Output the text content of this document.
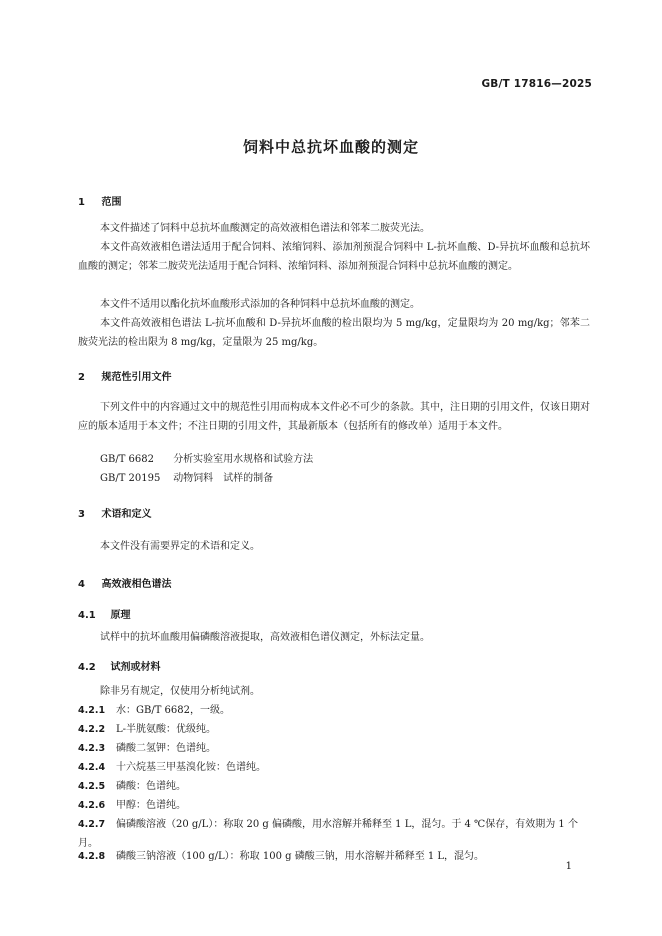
GB/T 17816—2025
饲料中总抗坏血酸的测定
1 范围
本文件描述了饲料中总抗坏血酸测定的高效液相色谱法和邻苯二胺荧光法。
本文件高效液相色谱法适用于配合饲料、浓缩饲料、添加剂预混合饲料中 L-抗坏血酸、D-异抗坏血酸和总抗坏血酸的测定；邻苯二胺荧光法适用于配合饲料、浓缩饲料、添加剂预混合饲料中总抗坏血酸的测定。
本文件不适用以酯化抗坏血酸形式添加的各种饲料中总抗坏血酸的测定。
本文件高效液相色谱法 L-抗坏血酸和 D-异抗坏血酸的检出限均为 5 mg/kg，定量限均为 20 mg/kg；邻苯二胺荧光法的检出限为 8 mg/kg，定量限为 25 mg/kg。
2 规范性引用文件
下列文件中的内容通过文中的规范性引用而构成本文件必不可少的条款。其中，注日期的引用文件，仅该日期对应的版本适用于本文件；不注日期的引用文件，其最新版本（包括所有的修改单）适用于本文件。
GB/T 6682 分析实验室用水规格和试验方法
GB/T 20195 动物饲料　试样的制备
3 术语和定义
本文件没有需要界定的术语和定义。
4 高效液相色谱法
4.1 原理
试样中的抗坏血酸用偏磷酸溶液提取，高效液相色谱仪测定，外标法定量。
4.2 试剂或材料
除非另有规定，仅使用分析纯试剂。
4.2.1 水：GB/T 6682，一级。
4.2.2 L-半胱氨酸：优级纯。
4.2.3 磷酸二氢钾：色谱纯。
4.2.4 十六烷基三甲基溴化铵：色谱纯。
4.2.5 磷酸：色谱纯。
4.2.6 甲醇：色谱纯。
4.2.7 偏磷酸溶液（20 g/L）：称取 20 g 偏磷酸，用水溶解并稀释至 1 L，混匀。于 4 ℃保存，有效期为 1 个月。
4.2.8 磷酸三钠溶液（100 g/L）：称取 100 g 磷酸三钠，用水溶解并稀释至 1 L，混匀。
1
